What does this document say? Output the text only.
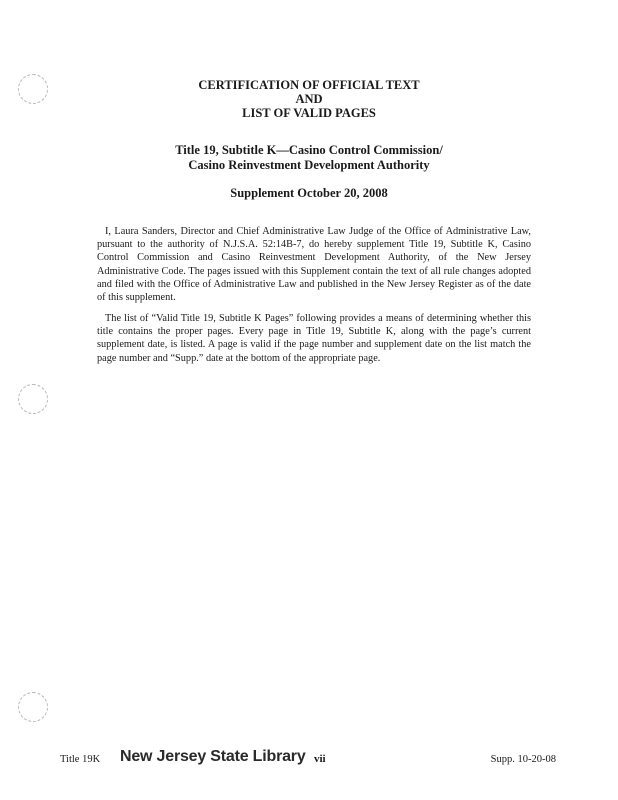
CERTIFICATION OF OFFICIAL TEXT
AND
LIST OF VALID PAGES
Title 19, Subtitle K—Casino Control Commission/
Casino Reinvestment Development Authority
Supplement October 20, 2008

I, Laura Sanders, Director and Chief Administrative Law Judge of the Office of Administrative Law, pursuant to the authority of N.J.S.A. 52:14B-7, do hereby supplement Title 19, Subtitle K, Casino Control Commission and Casino Reinvestment Development Authority, of the New Jersey Administrative Code. The pages issued with this Supplement contain the text of all rule changes adopted and filed with the Office of Administrative Law and published in the New Jersey Register as of the date of this supplement.

The list of “Valid Title 19, Subtitle K Pages” following provides a means of determining whether this title contains the proper pages. Every page in Title 19, Subtitle K, along with the page’s current supplement date, is listed. A page is valid if the page number and supplement date on the list match the page number and “Supp.” date at the bottom of the appropriate page.

Title 19K New Jersey State Library vii	Supp. 10-20-08
